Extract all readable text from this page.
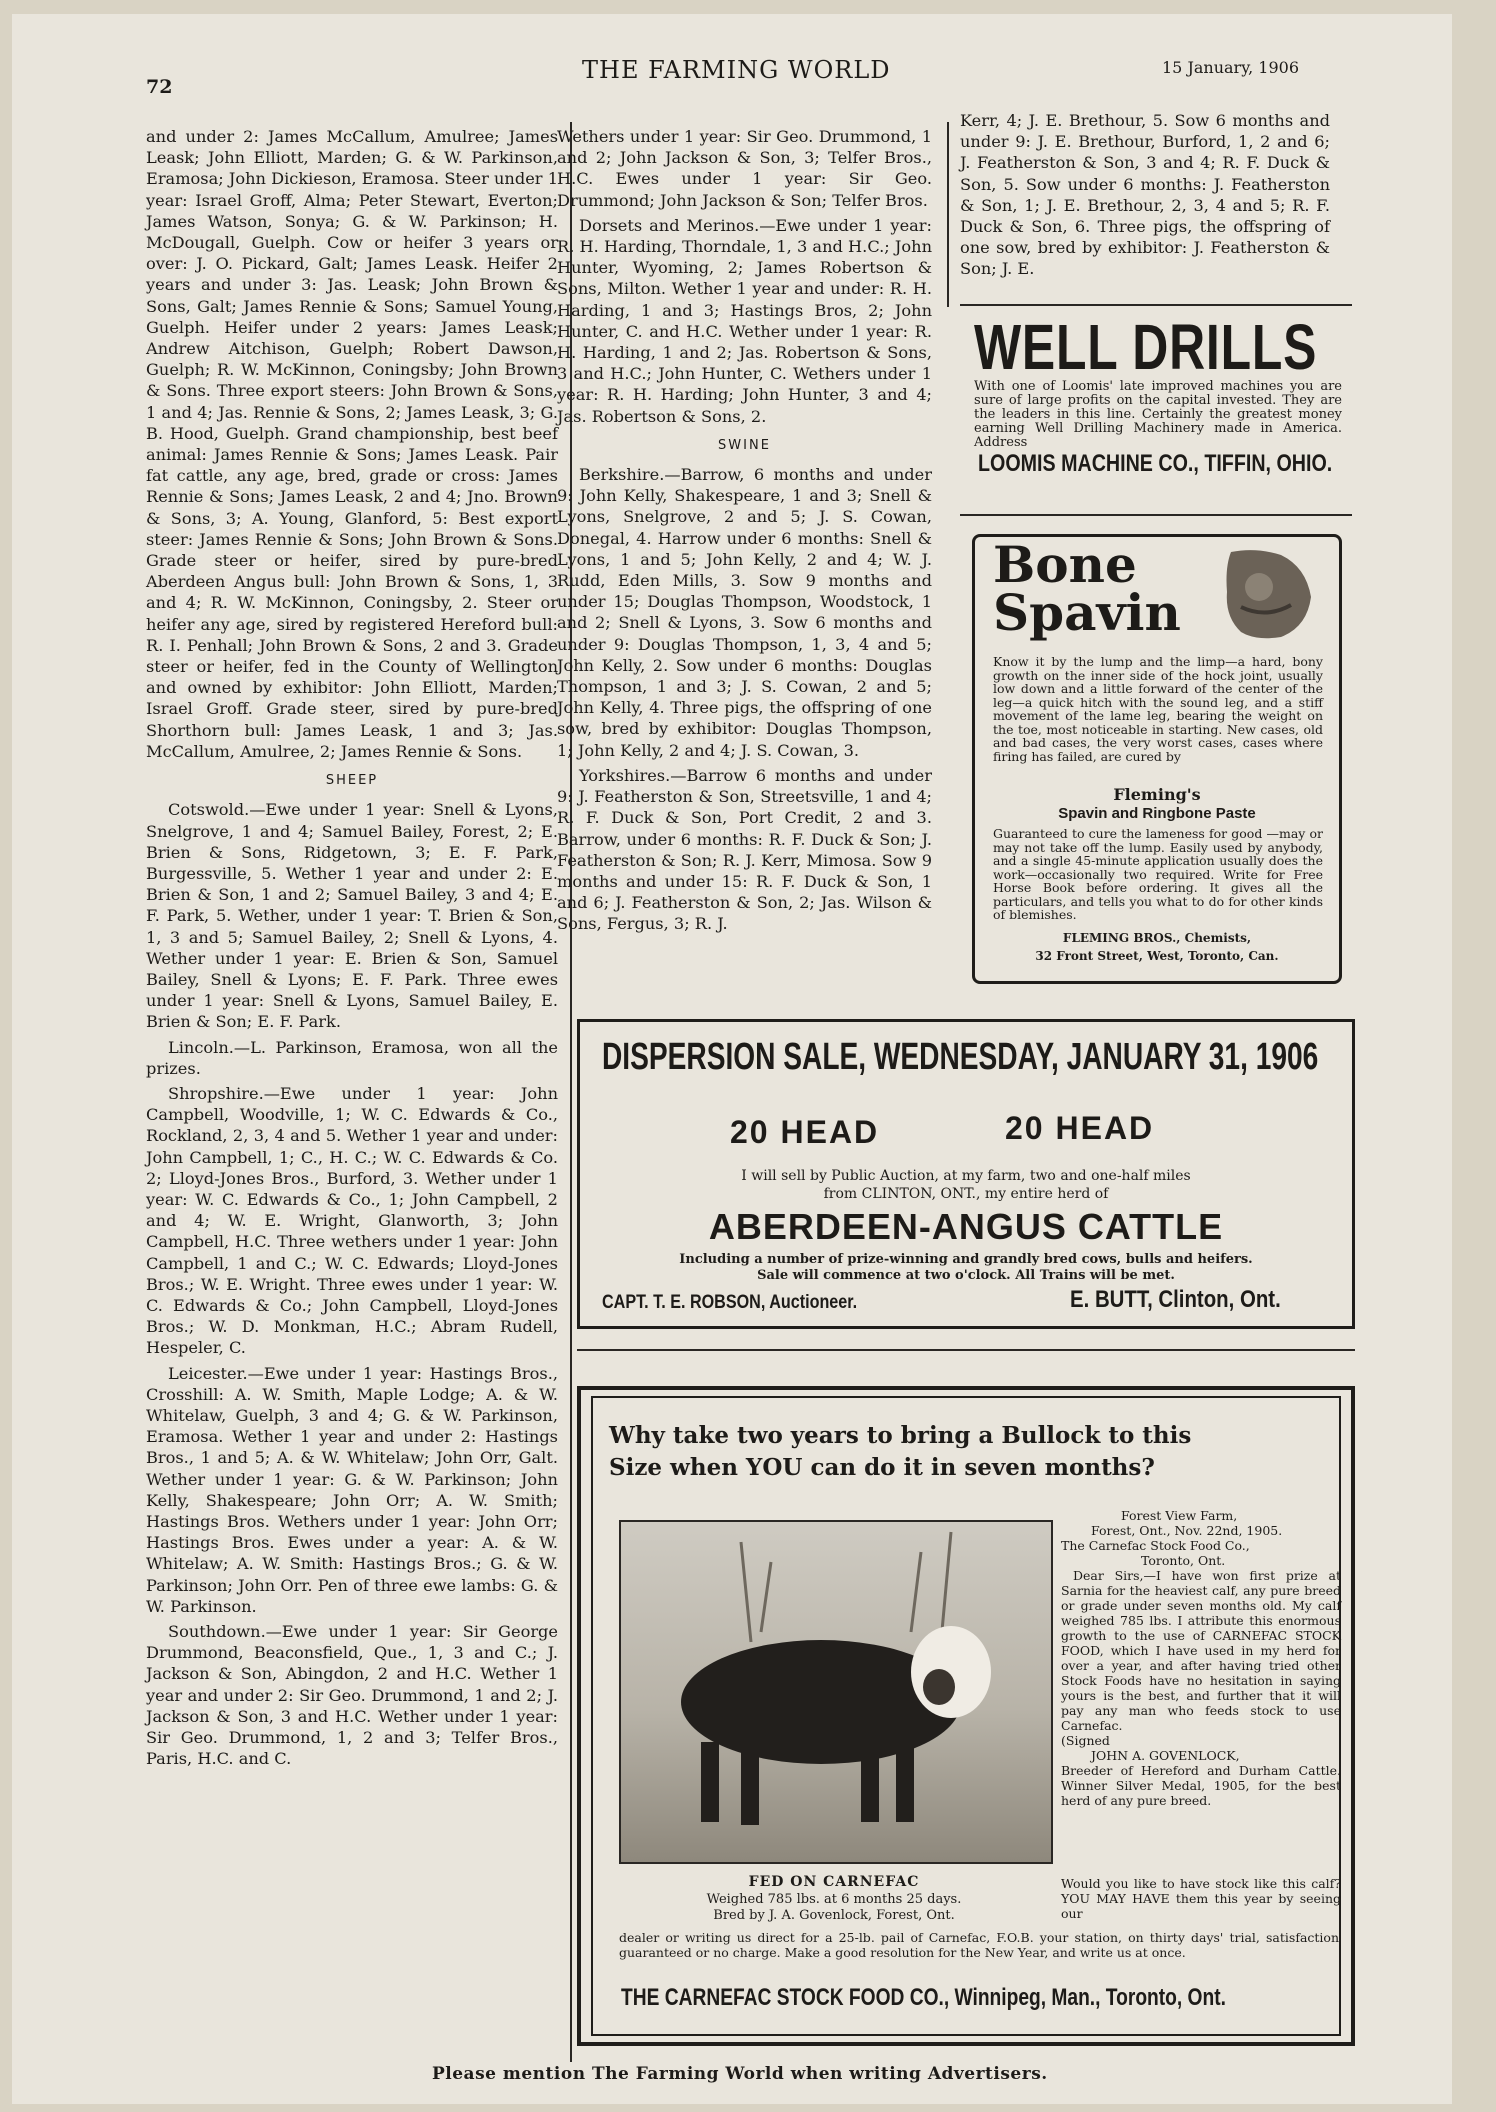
72
THE FARMING WORLD	15 January, 1906

and under 2: James McCallum, Amulree; James Leask; John Elliott, Marden; G. & W. Parkinson, Eramosa; John Dickieson, Eramosa. Steer under 1 year: Israel Groff, Alma; Peter Stewart, Everton; James Watson, Sonya; G. & W. Parkinson; H. McDougall, Guelph. Cow or heifer 3 years or over: J. O. Pickard, Galt; James Leask. Heifer 2 years and under 3: Jas. Leask; John Brown & Sons, Galt; James Rennie & Sons; Samuel Young, Guelph. Heifer under 2 years: James Leask; Andrew Aitchison, Guelph; Robert Dawson, Guelph; R. W. McKinnon, Coningsby; John Brown & Sons. Three export steers: John Brown & Sons, 1 and 4; Jas. Rennie & Sons, 2; James Leask, 3; G. B. Hood, Guelph. Grand championship, best beef animal: James Rennie & Sons; James Leask. Pair fat cattle, any age, bred, grade or cross: James Rennie & Sons; James Leask, 2 and 4; Jno. Brown & Sons, 3; A. Young, Glanford, 5: Best export steer: James Rennie & Sons; John Brown & Sons. Grade steer or heifer, sired by pure-bred Aberdeen Angus bull: John Brown & Sons, 1, 3 and 4; R. W. McKinnon, Coningsby, 2. Steer or heifer any age, sired by registered Hereford bull: R. I. Penhall; John Brown & Sons, 2 and 3. Grade steer or heifer, fed in the County of Wellington and owned by exhibitor: John Elliott, Marden; Israel Groff. Grade steer, sired by pure-bred Shorthorn bull: James Leask, 1 and 3; Jas. McCallum, Amulree, 2; James Rennie & Sons.

SHEEP

Cotswold.—Ewe under 1 year: Snell & Lyons, Snelgrove, 1 and 4; Samuel Bailey, Forest, 2; E. Brien & Sons, Ridgetown, 3; E. F. Park, Burgessville, 5. Wether 1 year and under 2: E. Brien & Son, 1 and 2; Samuel Bailey, 3 and 4; E. F. Park, 5. Wether, under 1 year: T. Brien & Son, 1, 3 and 5; Samuel Bailey, 2; Snell & Lyons, 4. Wether under 1 year: E. Brien & Son, Samuel Bailey, Snell & Lyons; E. F. Park. Three ewes under 1 year: Snell & Lyons, Samuel Bailey, E. Brien & Son; E. F. Park.

Lincoln.—L. Parkinson, Eramosa, won all the prizes.

Shropshire.—Ewe under 1 year: John Campbell, Woodville, 1; W. C. Edwards & Co., Rockland, 2, 3, 4 and 5. Wether 1 year and under: John Campbell, 1; C., H. C.; W. C. Edwards & Co. 2; Lloyd-Jones Bros., Burford, 3. Wether under 1 year: W. C. Edwards & Co., 1; John Campbell, 2 and 4; W. E. Wright, Glanworth, 3; John Campbell, H.C. Three wethers under 1 year: John Campbell, 1 and C.; W. C. Edwards; Lloyd-Jones Bros.; W. E. Wright. Three ewes under 1 year: W. C. Edwards & Co.; John Campbell, Lloyd-Jones Bros.; W. D. Monkman, H.C.; Abram Rudell, Hespeler, C.

Leicester.—Ewe under 1 year: Hastings Bros., Crosshill: A. W. Smith, Maple Lodge; A. & W. Whitelaw, Guelph, 3 and 4; G. & W. Parkinson, Eramosa. Wether 1 year and under 2: Hastings Bros., 1 and 5; A. & W. Whitelaw; John Orr, Galt. Wether under 1 year: G. & W. Parkinson; John Kelly, Shakespeare; John Orr; A. W. Smith; Hastings Bros. Wethers under 1 year: John Orr; Hastings Bros. Ewes under a year: A. & W. Whitelaw; A. W. Smith: Hastings Bros.; G. & W. Parkinson; John Orr. Pen of three ewe lambs: G. & W. Parkinson.

Southdown.—Ewe under 1 year: Sir George Drummond, Beaconsfield, Que., 1, 3 and C.; J. Jackson & Son, Abingdon, 2 and H.C. Wether 1 year and under 2: Sir Geo. Drummond, 1 and 2; J. Jackson & Son, 3 and H.C. Wether under 1 year: Sir Geo. Drummond, 1, 2 and 3; Telfer Bros., Paris, H.C. and C.

Wethers under 1 year: Sir Geo. Drummond, 1 and 2; John Jackson & Son, 3; Telfer Bros., H.C. Ewes under 1 year: Sir Geo. Drummond; John Jackson & Son; Telfer Bros.

Dorsets and Merinos.—Ewe under 1 year: R. H. Harding, Thorndale, 1, 3 and H.C.; John Hunter, Wyoming, 2; James Robertson & Sons, Milton. Wether 1 year and under: R. H. Harding, 1 and 3; Hastings Bros, 2; John Hunter, C. and H.C. Wether under 1 year: R. H. Harding, 1 and 2; Jas. Robertson & Sons, 3 and H.C.; John Hunter, C. Wethers under 1 year: R. H. Harding; John Hunter, 3 and 4; Jas. Robertson & Sons, 2.

SWINE

Berkshire.—Barrow, 6 months and under 9: John Kelly, Shakespeare, 1 and 3; Snell & Lyons, Snelgrove, 2 and 5; J. S. Cowan, Donegal, 4. Harrow under 6 months: Snell & Lyons, 1 and 5; John Kelly, 2 and 4; W. J. Rudd, Eden Mills, 3. Sow 9 months and under 15; Douglas Thompson, Woodstock, 1 and 2; Snell & Lyons, 3. Sow 6 months and under 9: Douglas Thompson, 1, 3, 4 and 5; John Kelly, 2. Sow under 6 months: Douglas Thompson, 1 and 3; J. S. Cowan, 2 and 5; John Kelly, 4. Three pigs, the offspring of one sow, bred by exhibitor: Douglas Thompson, 1; John Kelly, 2 and 4; J. S. Cowan, 3.

Yorkshires.—Barrow 6 months and under 9: J. Featherston & Son, Streetsville, 1 and 4; R. F. Duck & Son, Port Credit, 2 and 3. Barrow, under 6 months: R. F. Duck & Son; J. Featherston & Son; R. J. Kerr, Mimosa. Sow 9 months and under 15: R. F. Duck & Son, 1 and 6; J. Featherston & Son, 2; Jas. Wilson & Sons, Fergus, 3; R. J.

Kerr, 4; J. E. Brethour, 5. Sow 6 months and under 9: J. E. Brethour, Burford, 1, 2 and 6; J. Featherston & Son, 3 and 4; R. F. Duck & Son, 5. Sow under 6 months: J. Featherston & Son, 1; J. E. Brethour, 2, 3, 4 and 5; R. F. Duck & Son, 6. Three pigs, the offspring of one sow, bred by exhibitor: J. Featherston & Son; J. E.

WELL DRILLS
With one of Loomis' late improved machines you are sure of large profits on the capital invested. They are the leaders in this line. Certainly the greatest money earning Well Drilling Machinery made in America. Address
LOOMIS MACHINE CO., TIFFIN, OHIO.
Bone
Spavin
Know it by the lump and the limp—a hard, bony growth on the inner side of the hock joint, usually low down and a little forward of the center of the leg—a quick hitch with the sound leg, and a stiff movement of the lame leg, bearing the weight on the toe, most noticeable in starting. New cases, old and bad cases, the very worst cases, cases where firing has failed, are cured by
Fleming's
Spavin and Ringbone Paste
Guaranteed to cure the lameness for good —may or may not take off the lump. Easily used by anybody, and a single 45-minute application usually does the work—occasionally two required. Write for Free Horse Book before ordering. It gives all the particulars, and tells you what to do for other kinds of blemishes.
FLEMING BROS., Chemists,
32 Front Street, West, Toronto, Can.
DISPERSION SALE, WEDNESDAY, JANUARY 31, 1906
20 HEAD	20 HEAD
I will sell by Public Auction, at my farm, two and one-half miles
from CLINTON, ONT., my entire herd of
ABERDEEN-ANGUS CATTLE
Including a number of prize-winning and grandly bred cows, bulls and heifers.
Sale will commence at two o'clock. All Trains will be met.
CAPT. T. E. ROBSON, Auctioneer.	E. BUTT, Clinton, Ont.
Why take two years to bring a Bullock to this
Size when YOU can do it in seven months?
Forest View Farm,
Forest, Ont., Nov. 22nd, 1905.
The Carnefac Stock Food Co.,
Toronto, Ont.
Dear Sirs,—I have won first prize at Sarnia for the heaviest calf, any pure breed or grade under seven months old. My calf weighed 785 lbs. I attribute this enormous growth to the use of CARNEFAC STOCK FOOD, which I have used in my herd for over a year, and after having tried other Stock Foods have no hesitation in saying yours is the best, and further that it will pay any man who feeds stock to use Carnefac.
(Signed
JOHN A. GOVENLOCK,
Breeder of Hereford and Durham Cattle. Winner Silver Medal, 1905, for the best herd of any pure breed.
FED ON CARNEFAC
Weighed 785 lbs. at 6 months 25 days.
Bred by J. A. Govenlock, Forest, Ont.
Would you like to have stock like this calf? YOU MAY HAVE them this year by seeing our
dealer or writing us direct for a 25-lb. pail of Carnefac, F.O.B. your station, on thirty days' trial, satisfaction guaranteed or no charge. Make a good resolution for the New Year, and write us at once.
THE CARNEFAC STOCK FOOD CO., Winnipeg, Man., Toronto, Ont.
Please mention The Farming World when writing Advertisers.
